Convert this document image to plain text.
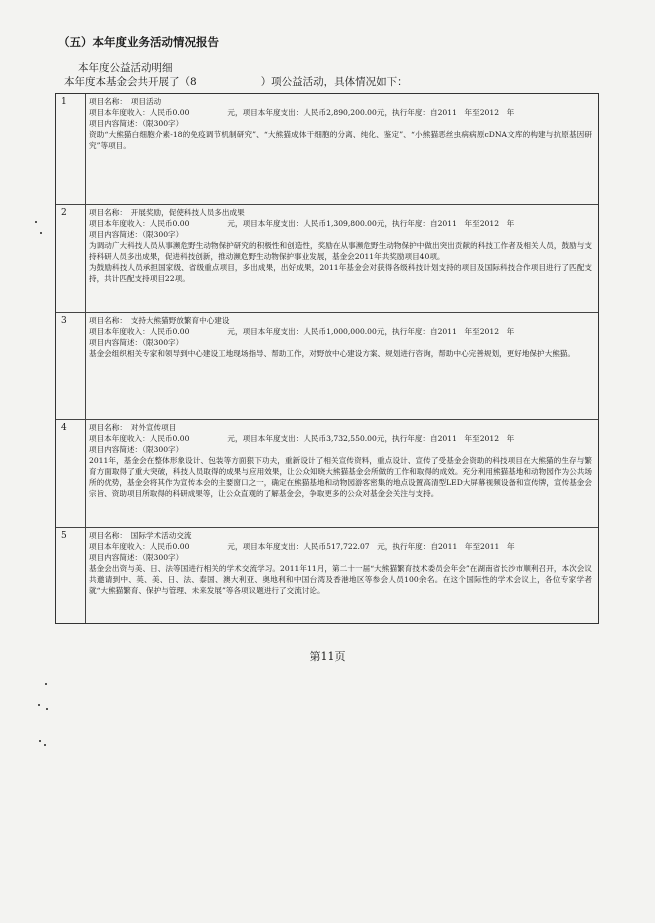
（五）本年度业务活动情况报告
本年度公益活动明细
本年度本基金会共开展了（8	）项公益活动，具体情况如下：
1	项目名称：　项目活动
项目本年度收入：人民币0.00　　　　　元，项目本年度支出：人民币2,890,200.00元，执行年度：自2011　年至2012　年
项目内容简述：（限300字）

资助“大熊猫白细胞介素-18的免疫调节机制研究”、“大熊猫成体干细胞的分离、纯化、鉴定”、“小熊猫恶丝虫病病原cDNA文库的构建与抗原基因研究”等项目。

2	项目名称：　开展奖励，促使科技人员多出成果
项目本年度收入：人民币0.00　　　　　元，项目本年度支出：人民币1,309,800.00元，执行年度：自2011　年至2012　年
项目内容简述：（限300字）

为调动广大科技人员从事濒危野生动物保护研究的积极性和创造性，奖励在从事濒危野生动物保护中做出突出贡献的科技工作者及相关人员，鼓励与支持科研人员多出成果，促进科技创新，推动濒危野生动物保护事业发展，基金会2011年共奖励项目40项。

为鼓励科技人员承担国家级、省级重点项目，多出成果，出好成果，2011年基金会对获得各级科技计划支持的项目及国际科技合作项目进行了匹配支持，共计匹配支持项目22项。

3	项目名称：　支持大熊猫野放繁育中心建设
项目本年度收入：人民币0.00　　　　　元，项目本年度支出：人民币1,000,000.00元，执行年度：自2011　年至2012　年
项目内容简述：（限300字）

基金会组织相关专家和领导到中心建设工地现场指导、帮助工作，对野放中心建设方案、规划进行咨询，帮助中心完善规划，更好地保护大熊猫。

4	项目名称：　对外宣传项目
项目本年度收入：人民币0.00　　　　　元，项目本年度支出：人民币3,732,550.00元，执行年度：自2011　年至2012　年
项目内容简述：（限300字）

2011年，基金会在整体形象设计、包装等方面狠下功夫，重新设计了相关宣传资料，重点设计、宣传了受基金会资助的科技项目在大熊猫的生存与繁育方面取得了重大突破，科技人员取得的成果与应用效果，让公众知晓大熊猫基金会所做的工作和取得的成效。充分利用熊猫基地和动物园作为公共场所的优势，基金会将其作为宣传本会的主要窗口之一，确定在熊猫基地和动物园游客密集的地点设置高清型LED大屏幕视频设备和宣传牌，宣传基金会宗旨、资助项目所取得的科研成果等，让公众直观的了解基金会，争取更多的公众对基金会关注与支持。

5	项目名称：　国际学术活动交流
项目本年度收入：人民币0.00　　　　　元，项目本年度支出：人民币517,722.07　元，执行年度：自2011　年至2011　年
项目内容简述：（限300字）

基金会出资与美、日、法等国进行相关的学术交流学习。2011年11月，第二十一届“大熊猫繁育技术委员会年会”在湖南省长沙市顺利召开，本次会议共邀请到中、英、美、日、法、泰国、澳大利亚、奥地利和中国台湾及香港地区等参会人员100余名。在这个国际性的学术会议上，各位专家学者就“大熊猫繁育、保护与管理、未来发展”等各项议题进行了交流讨论。

第11页
